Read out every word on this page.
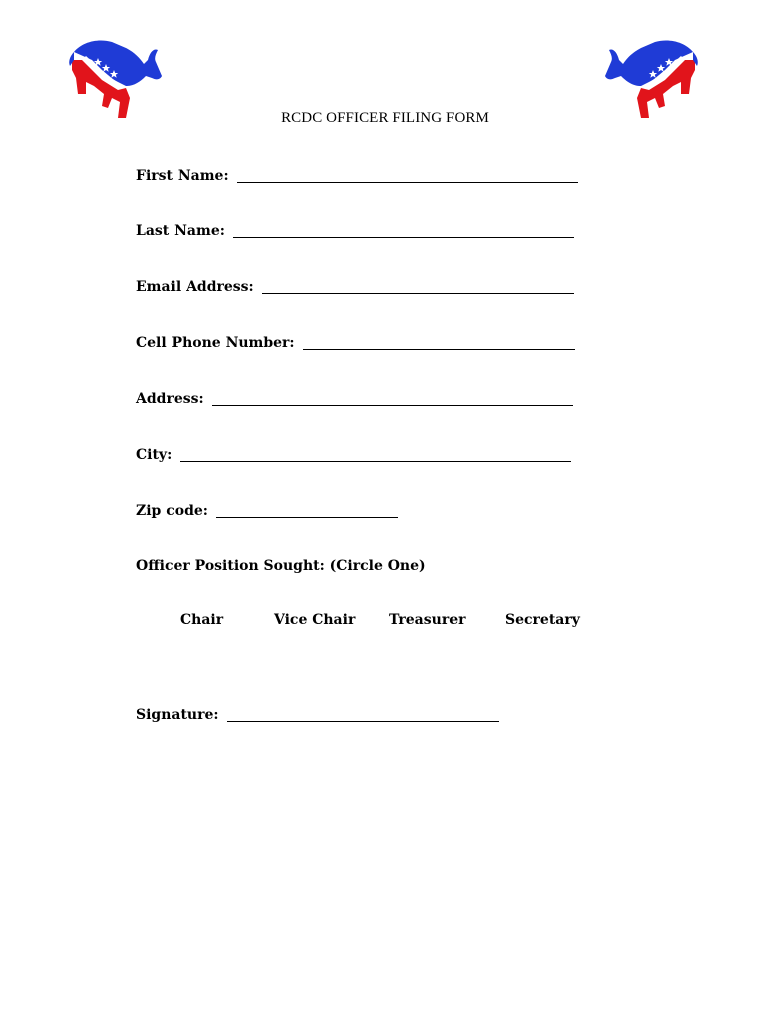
RCDC OFFICER FILING FORM
First Name:
Last Name:
Email Address:
Cell Phone Number:
Address:
City:
Zip code:
Officer Position Sought: (Circle One)
Chair	Vice Chair Treasurer	Secretary
Signature:
